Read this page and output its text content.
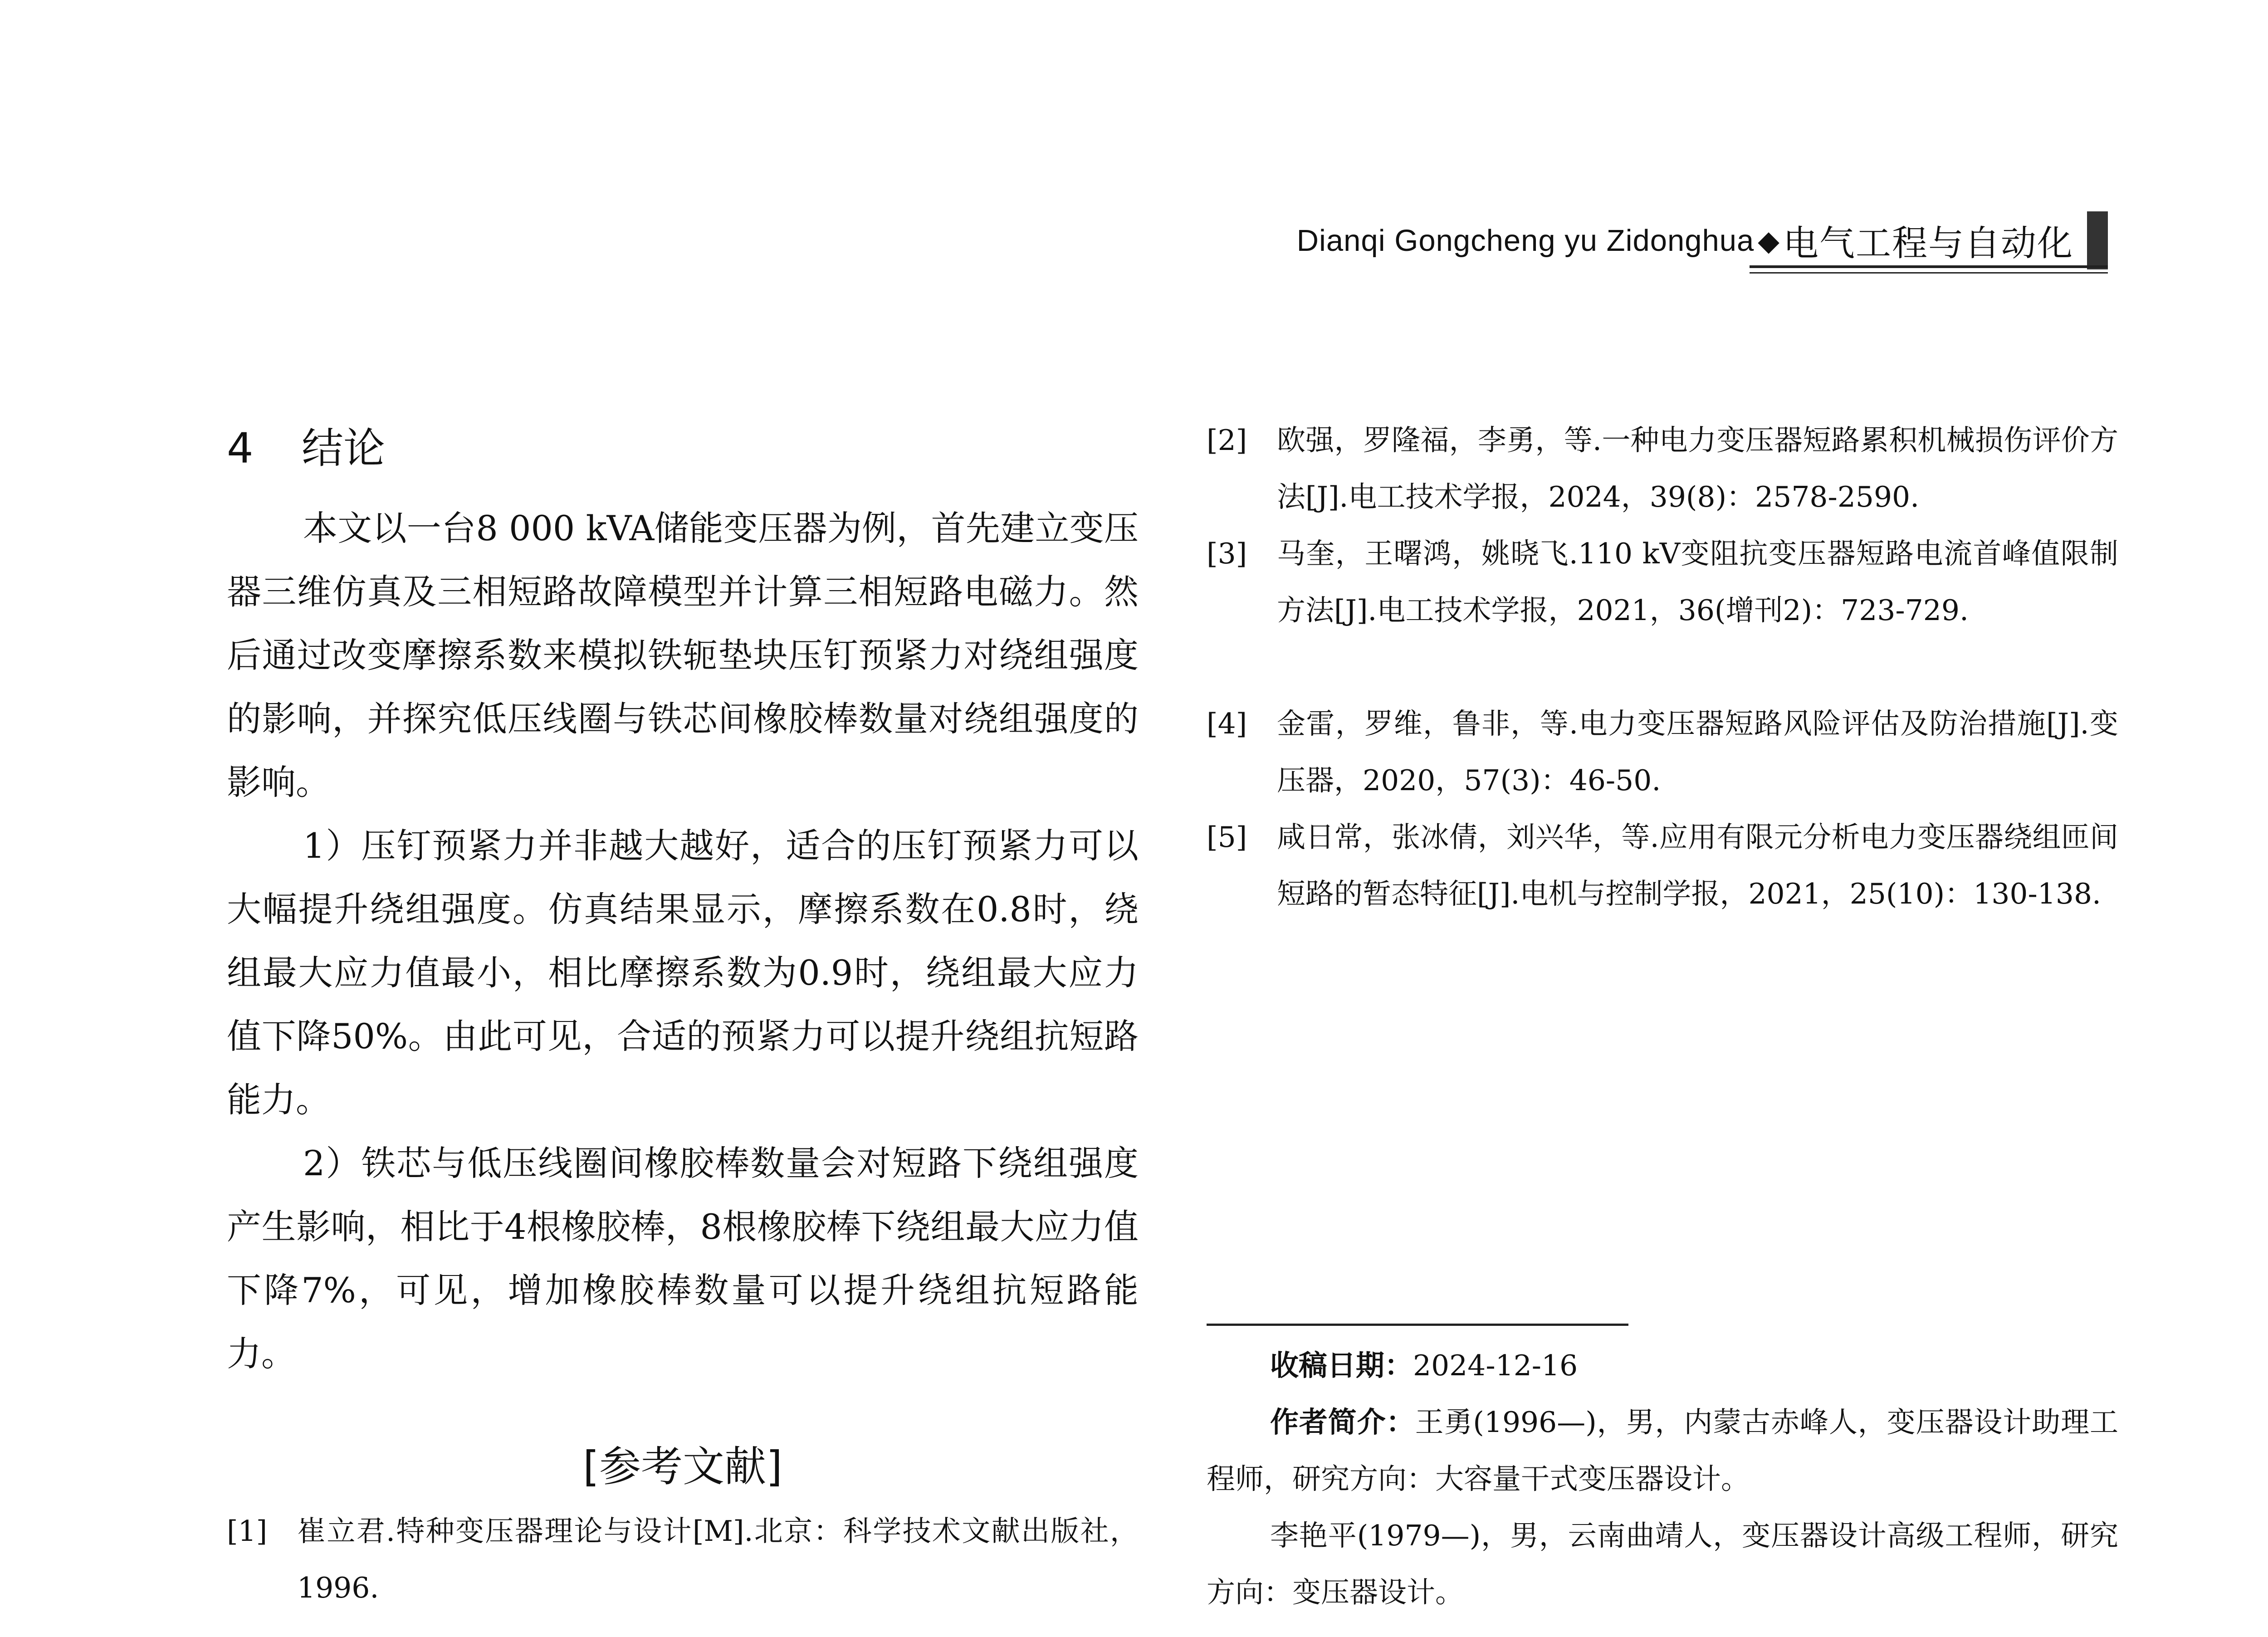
Dianqi Gongcheng yu Zidonghua ◆ 电气工程与自动化
4 结论

本文以一台8 000 kVA储能变压器为例，首先建立变压器三维仿真及三相短路故障模型并计算三相短路电磁力。然后通过改变摩擦系数来模拟铁轭垫块压钉预紧力对绕组强度的影响，并探究低压线圈与铁芯间橡胶棒数量对绕组强度的影响。

1）压钉预紧力并非越大越好，适合的压钉预紧力可以大幅提升绕组强度。仿真结果显示，摩擦系数在0.8时，绕组最大应力值最小，相比摩擦系数为0.9时，绕组最大应力值下降50%。由此可见，合适的预紧力可以提升绕组抗短路能力。

2）铁芯与低压线圈间橡胶棒数量会对短路下绕组强度产生影响，相比于4根橡胶棒，8根橡胶棒下绕组最大应力值下降7%，可见，增加橡胶棒数量可以提升绕组抗短路能力。

[参考文献]
[1]	崔立君.特种变压器理论与设计[M].北京：科学技术文献出版社，1996.
[2]	欧强，罗隆福，李勇，等.一种电力变压器短路累积机械损伤评价方法[J].电工技术学报，2024，39(8)：2578-2590.
[3]	马奎，王曙鸿，姚晓飞.110 kV变阻抗变压器短路电流首峰值限制方法[J].电工技术学报，2021，36(增刊2)：723-729.
[4]	金雷，罗维，鲁非，等.电力变压器短路风险评估及防治措施[J].变压器，2020，57(3)：46-50.
[5]	咸日常，张冰倩，刘兴华，等.应用有限元分析电力变压器绕组匝间短路的暂态特征[J].电机与控制学报，2021，25(10)：130-138.

收稿日期：2024-12-16

作者简介：王勇(1996—)，男，内蒙古赤峰人，变压器设计助理工程师，研究方向：大容量干式变压器设计。

李艳平(1979—)，男，云南曲靖人，变压器设计高级工程师，研究方向：变压器设计。
